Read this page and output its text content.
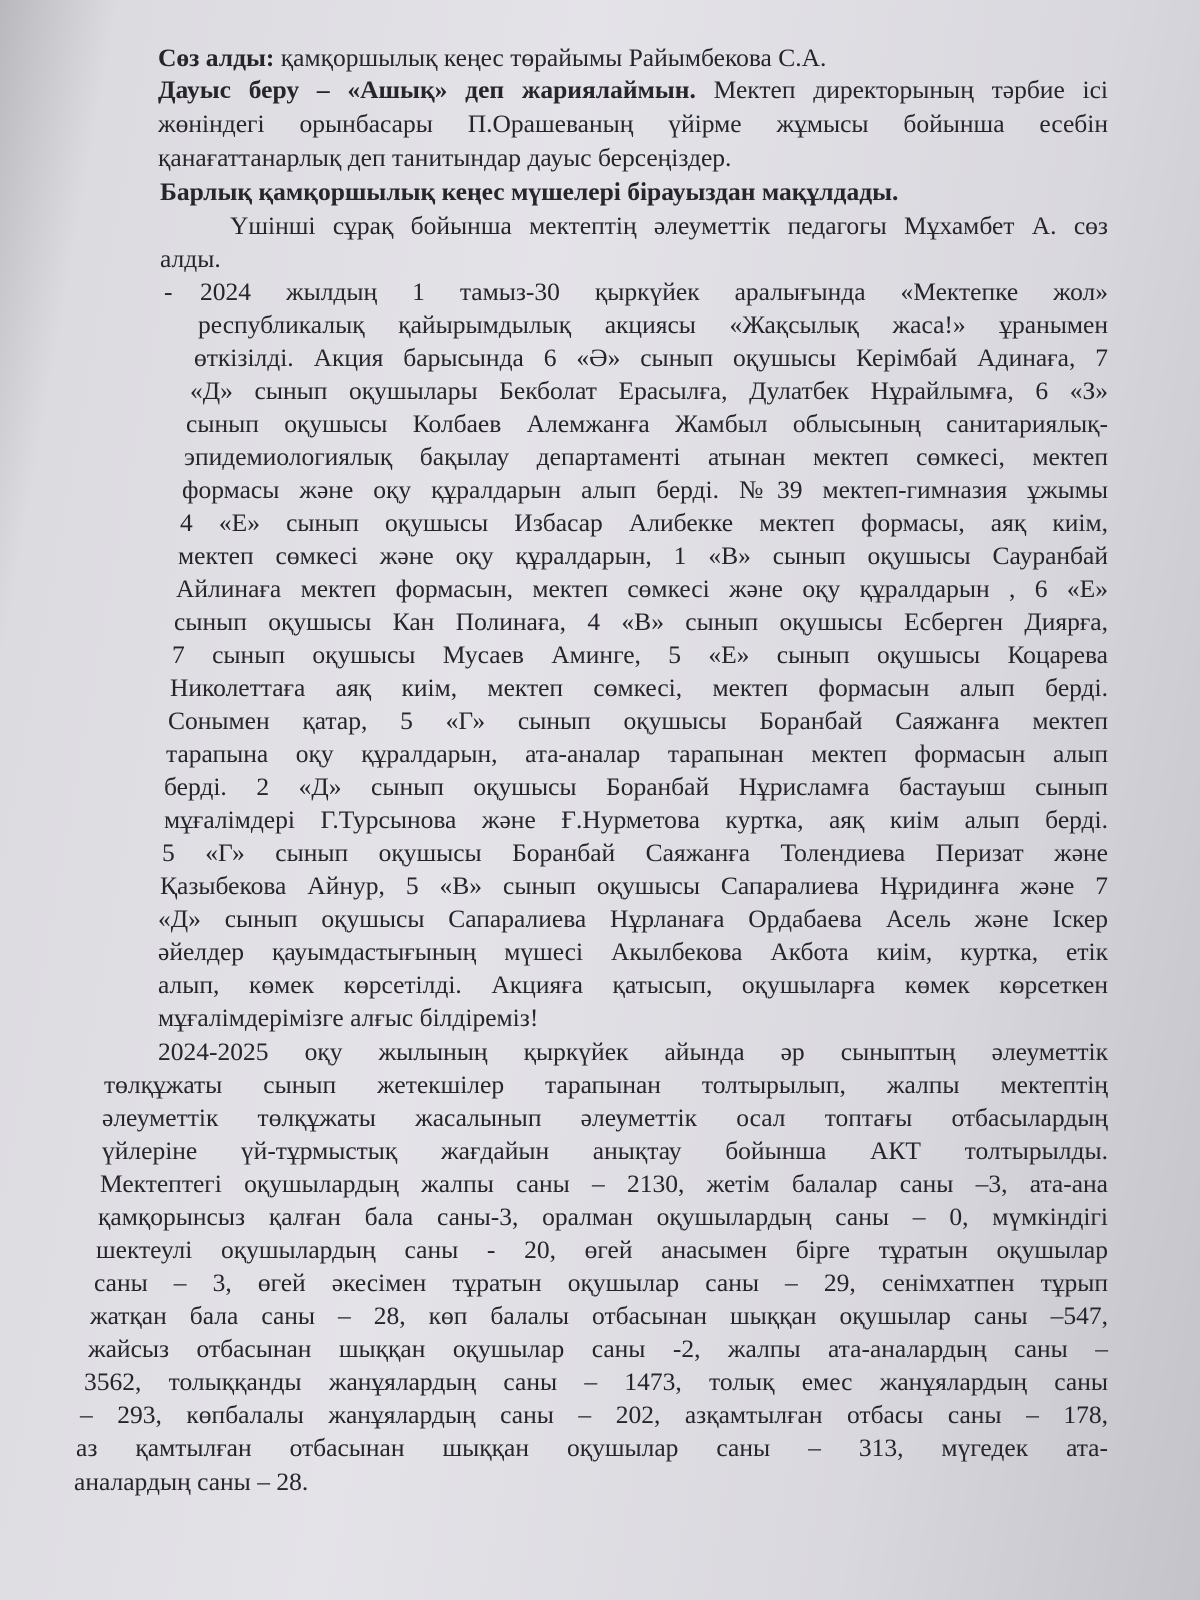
Сөз алды: қамқоршылық кеңес төрайымы Райымбекова С.А.
Дауыс беру – «Ашық» деп жариялаймын. Мектеп директорының тәрбие ісі
жөніндегі орынбасары П.Орашеваның үйірме жұмысы бойынша есебін
қанағаттанарлық деп танитындар дауыс берсеңіздер.
Барлық қамқоршылық кеңес мүшелері бірауыздан мақұлдады.
Үшінші сұрақ бойынша мектептің әлеуметтік педагогы Мұхамбет А. сөз
алды.
- 2024 жылдың 1 тамыз-30 қыркүйек аралығында «Мектепке жол»
республикалық қайырымдылық акциясы «Жақсылық жаса!» ұранымен
өткізілді. Акция барысында 6 «Ә» сынып оқушысы Керімбай Адинаға, 7
«Д» сынып оқушылары Бекболат Ерасылға, Дулатбек Нұрайлымға, 6 «З»
сынып оқушысы Колбаев Алемжанға Жамбыл облысының санитариялық-
эпидемиологиялық бақылау департаменті атынан мектеп сөмкесі, мектеп
формасы және оқу құралдарын алып берді. №39 мектеп-гимназия ұжымы
4 «Е» сынып оқушысы Избасар Алибекке мектеп формасы, аяқ киім,
мектеп сөмкесі және оқу құралдарын, 1 «В» сынып оқушысы Сауранбай
Айлинаға мектеп формасын, мектеп сөмкесі және оқу құралдарын , 6 «Е»
сынып оқушысы Кан Полинаға, 4 «В» сынып оқушысы Есберген Диярға,
7 сынып оқушысы Мусаев Аминге, 5 «Е» сынып оқушысы Коцарева
Николеттаға аяқ киім, мектеп сөмкесі, мектеп формасын алып берді.
Сонымен қатар, 5 «Г» сынып оқушысы Боранбай Саяжанға мектеп
тарапына оқу құралдарын, ата-аналар тарапынан мектеп формасын алып
берді. 2 «Д» сынып оқушысы Боранбай Нұрисламға бастауыш сынып
мұғалімдері Г.Турсынова және Ғ.Нурметова куртка, аяқ киім алып берді.
5 «Г» сынып оқушысы Боранбай Саяжанға Толендиева Перизат және
Қазыбекова Айнур, 5 «В» сынып оқушысы Сапаралиева Нұридинға және 7
«Д» сынып оқушысы Сапаралиева Нұрланаға Ордабаева Асель және Іскер
әйелдер қауымдастығының мүшесі Акылбекова Акбота киім, куртка, етік
алып, көмек көрсетілді. Акцияға қатысып, оқушыларға көмек көрсеткен
мұғалімдерімізге алғыс білдіреміз!
2024-2025 оқу жылының қыркүйек айында әр сыныптың әлеуметтік
төлқұжаты сынып жетекшілер тарапынан толтырылып, жалпы мектептің
әлеуметтік төлқұжаты жасалынып әлеуметтік осал топтағы отбасылардың
үйлеріне үй-тұрмыстық жағдайын анықтау бойынша АКТ толтырылды.
Мектептегі оқушылардың жалпы саны – 2130, жетім балалар саны –3, ата-ана
қамқорынсыз қалған бала саны-3, оралман оқушылардың саны – 0, мүмкіндігі
шектеулі оқушылардың саны - 20, өгей анасымен бірге тұратын оқушылар
саны – 3, өгей әкесімен тұратын оқушылар саны – 29, сенімхатпен тұрып
жатқан бала саны – 28, көп балалы отбасынан шыққан оқушылар саны –547,
жайсыз отбасынан шыққан оқушылар саны -2, жалпы ата-аналардың саны –
3562, толыққанды жанұялардың саны – 1473, толық емес жанұялардың саны
– 293, көпбалалы жанұялардың саны – 202, азқамтылған отбасы саны – 178,
аз қамтылған отбасынан шыққан оқушылар саны – 313, мүгедек ата-
аналардың саны – 28.
